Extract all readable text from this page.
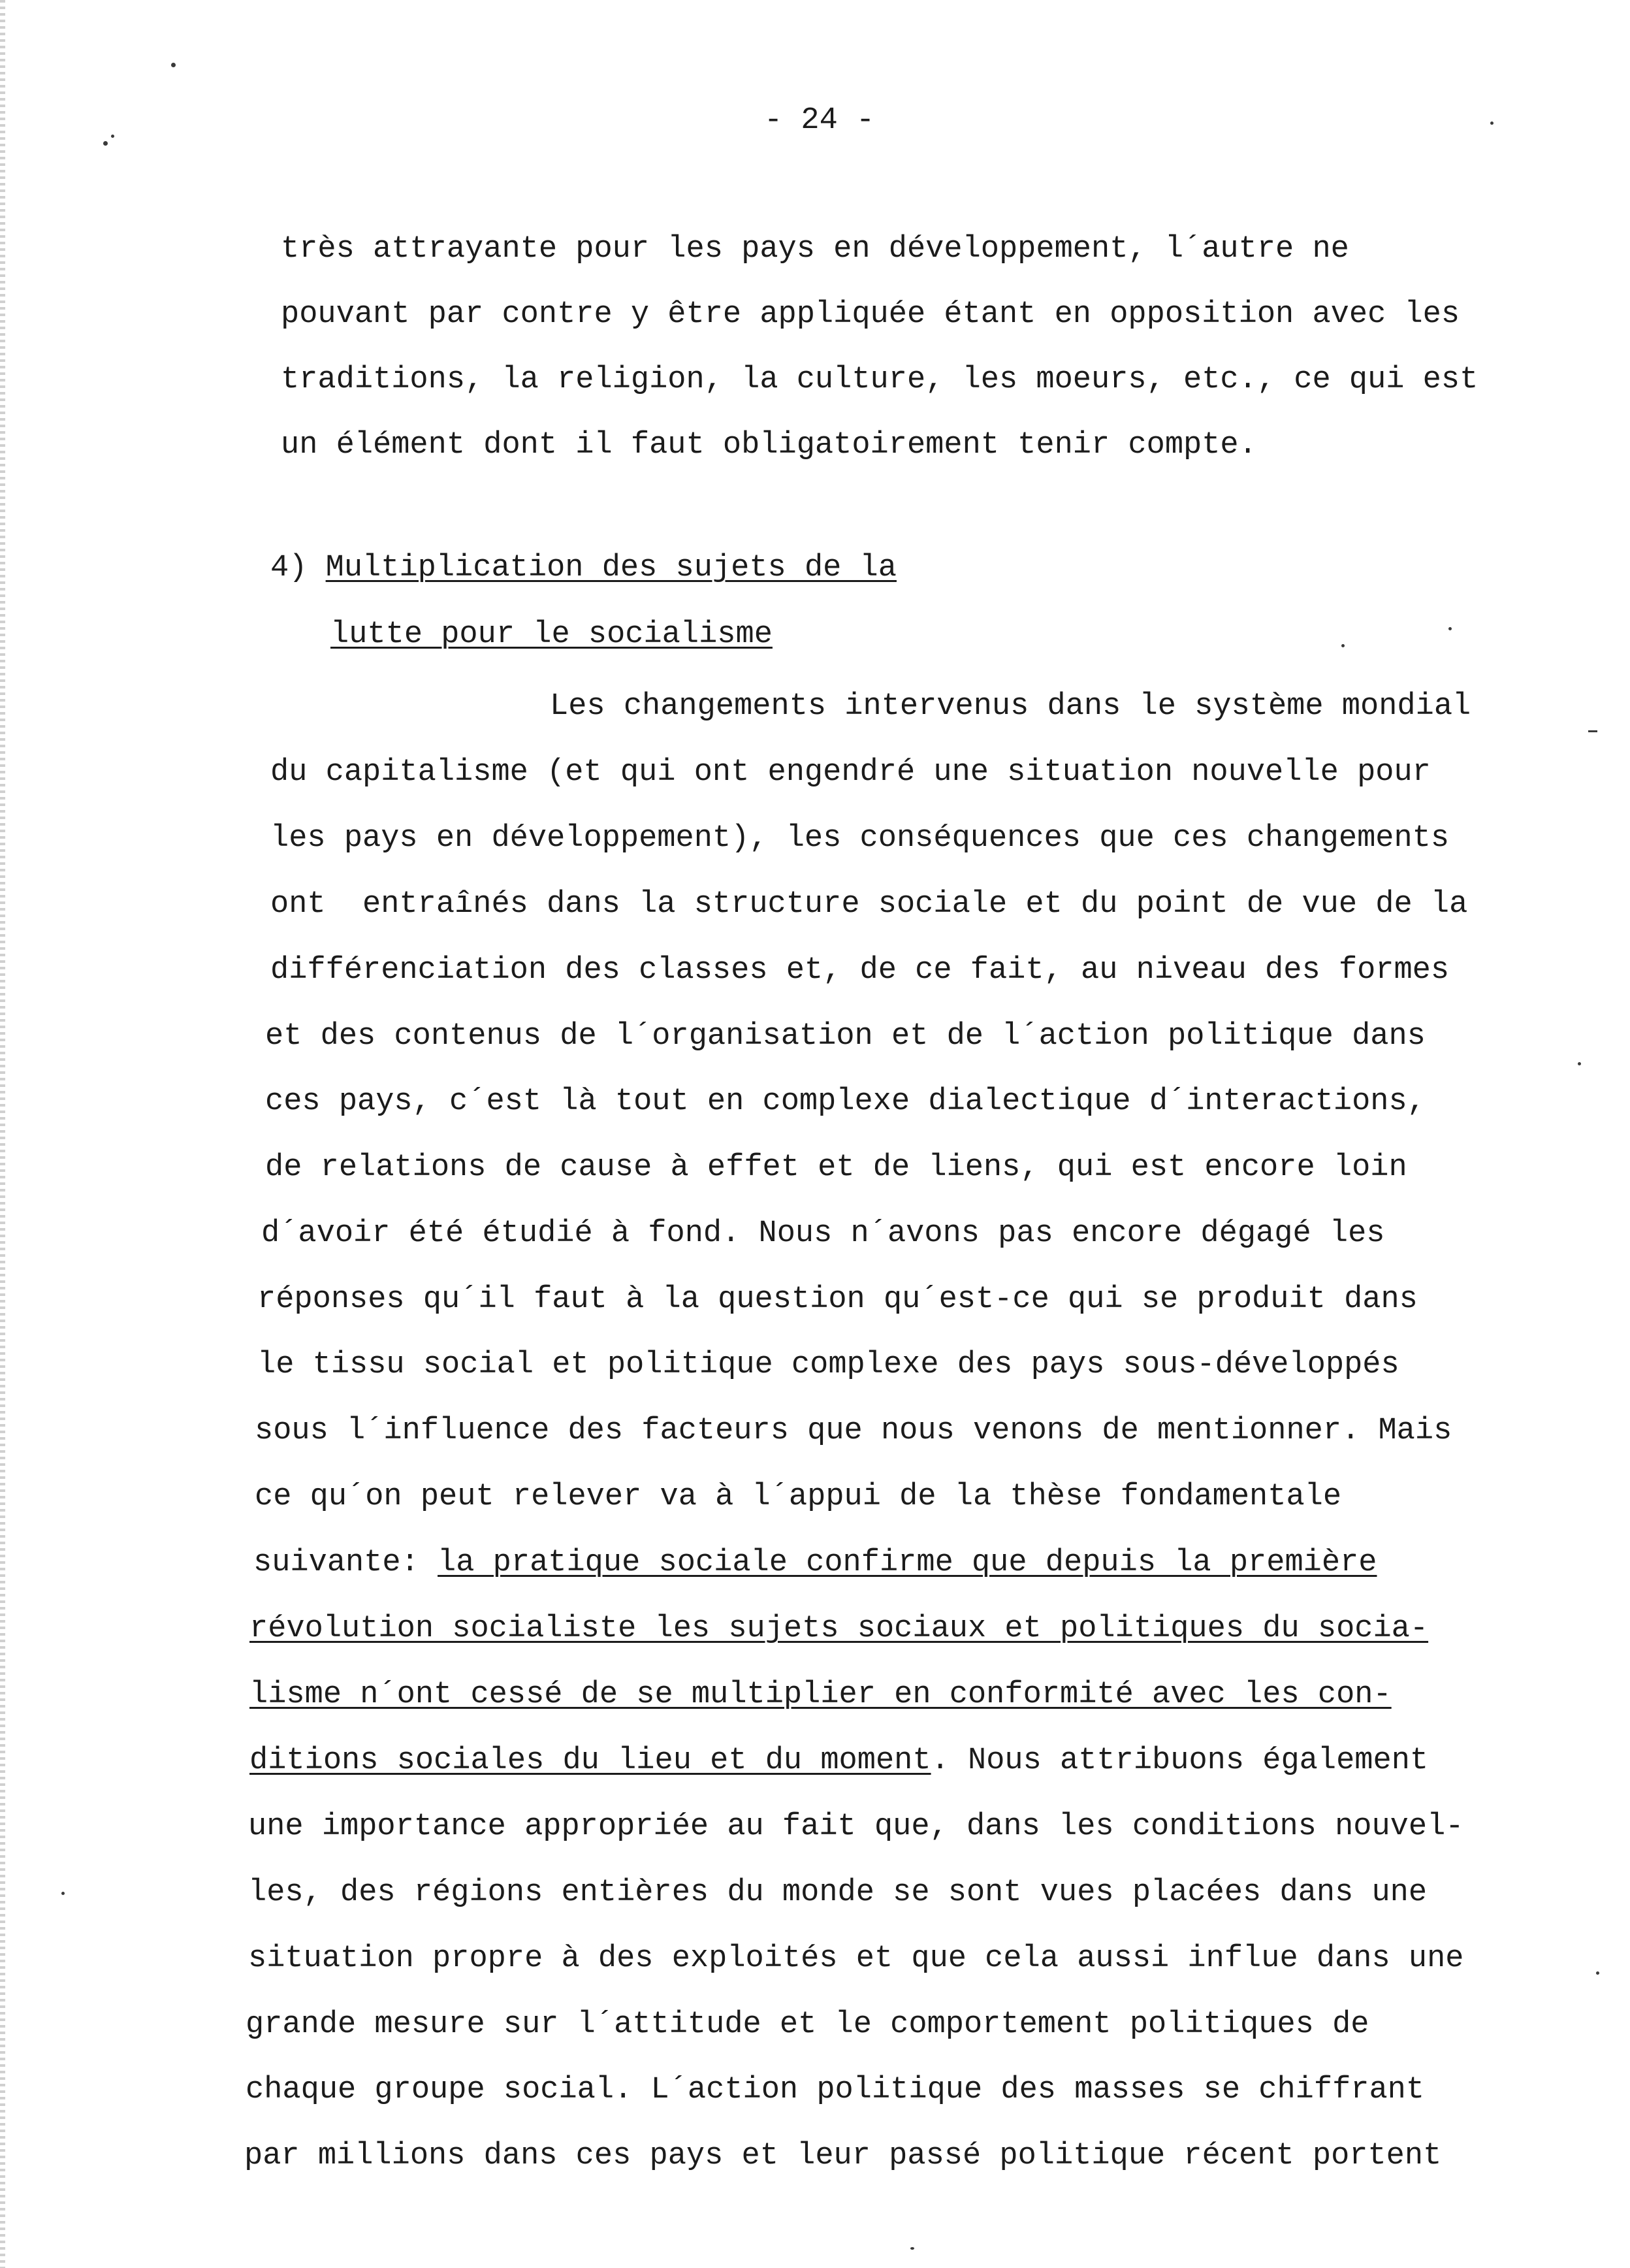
- 24 -
très attrayante pour les pays en développement, l´autre ne
pouvant par contre y être appliquée étant en opposition avec les
traditions, la religion, la culture, les moeurs, etc., ce qui est
un élément dont il faut obligatoirement tenir compte.
4) Multiplication des sujets de la
lutte pour le socialisme
Les changements intervenus dans le système mondial
du capitalisme (et qui ont engendré une situation nouvelle pour
les pays en développement), les conséquences que ces changements
ont  entraînés dans la structure sociale et du point de vue de la
différenciation des classes et, de ce fait, au niveau des formes
et des contenus de l´organisation et de l´action politique dans
ces pays, c´est là tout en complexe dialectique d´interactions,
de relations de cause à effet et de liens, qui est encore loin
d´avoir été étudié à fond. Nous n´avons pas encore dégagé les
réponses qu´il faut à la question qu´est-ce qui se produit dans
le tissu social et politique complexe des pays sous-développés
sous l´influence des facteurs que nous venons de mentionner. Mais
ce qu´on peut relever va à l´appui de la thèse fondamentale
suivante: la pratique sociale confirme que depuis la première
révolution socialiste les sujets sociaux et politiques du socia-
lisme n´ont cessé de se multiplier en conformité avec les con-
ditions sociales du lieu et du moment. Nous attribuons également
une importance appropriée au fait que, dans les conditions nouvel-
les, des régions entières du monde se sont vues placées dans une
situation propre à des exploités et que cela aussi influe dans une
grande mesure sur l´attitude et le comportement politiques de
chaque groupe social. L´action politique des masses se chiffrant
par millions dans ces pays et leur passé politique récent portent
